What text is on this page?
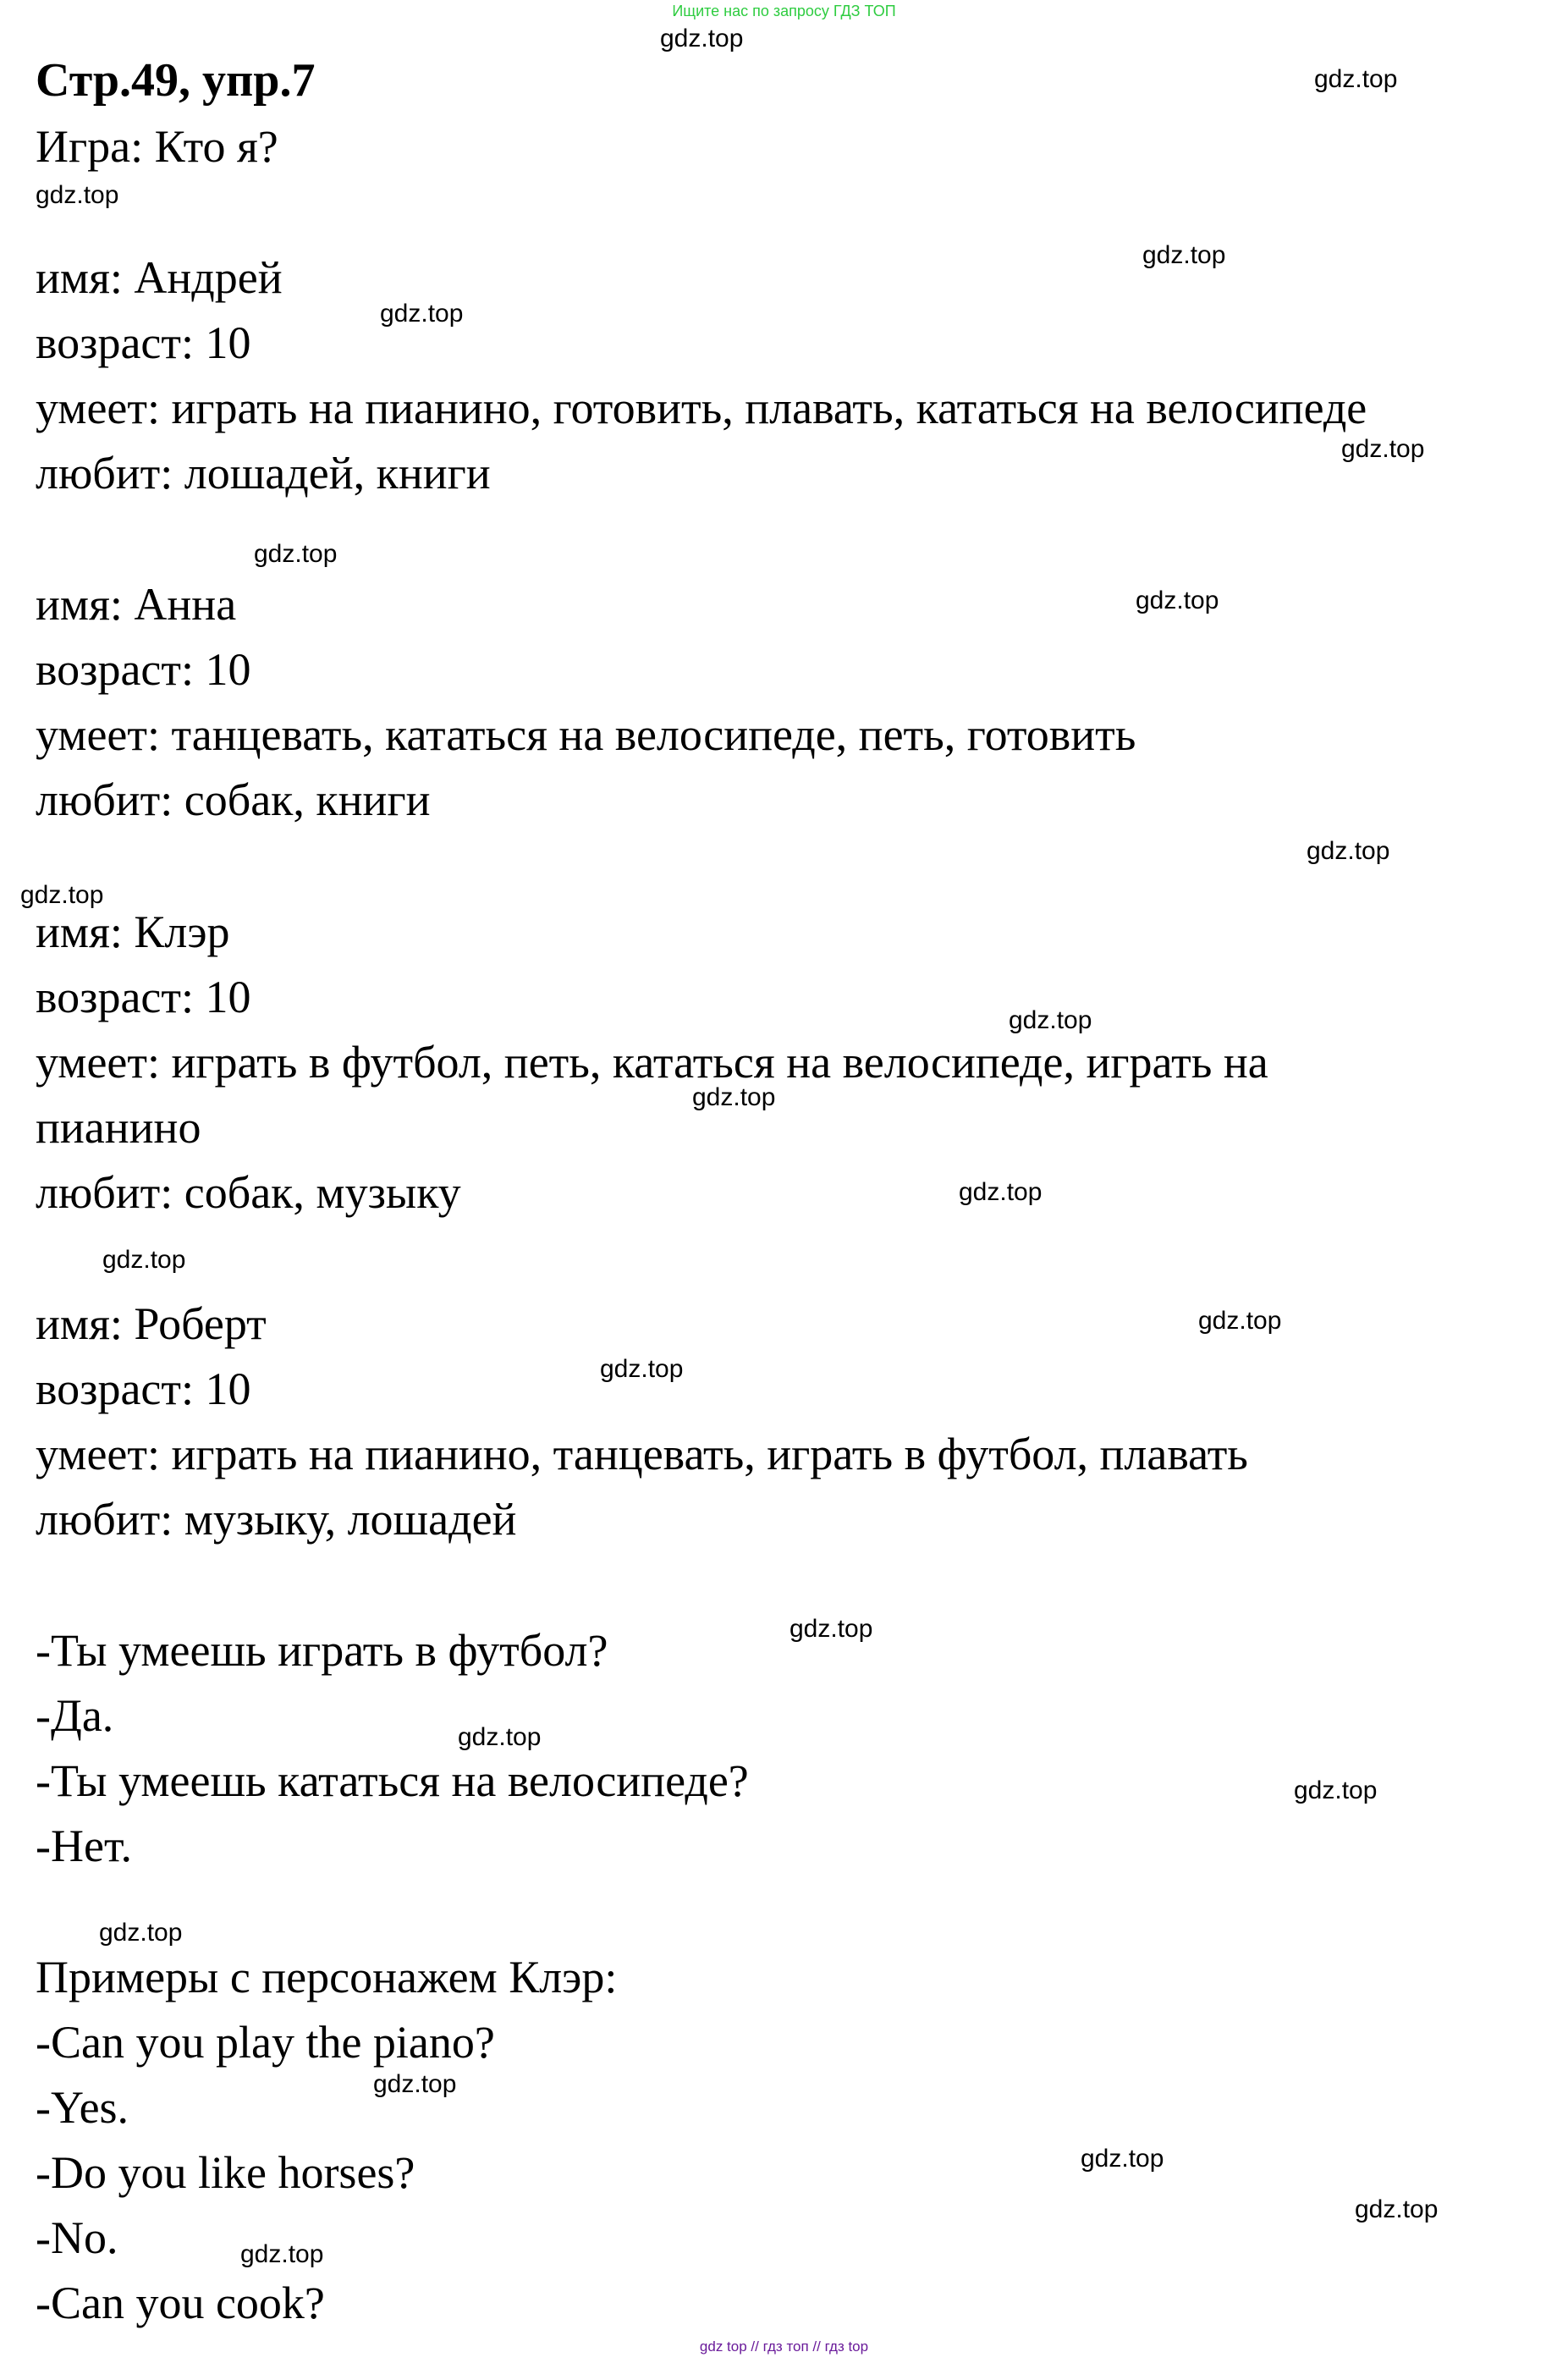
Ищите нас по запросу ГДЗ ТОП
Стр.49, упр.7
Игра: Кто я?
имя: Андрей
возраст: 10
умеет: играть на пианино, готовить, плавать, кататься на велосипеде
любит: лошадей, книги
имя: Анна
возраст: 10
умеет: танцевать, кататься на велосипеде, петь, готовить
любит: собак, книги
имя: Клэр
возраст: 10
умеет: играть в футбол, петь, кататься на велосипеде, играть на
пианино
любит: собак, музыку
имя: Роберт
возраст: 10
умеет: играть на пианино, танцевать, играть в футбол, плавать
любит: музыку, лошадей
-Ты умеешь играть в футбол?
-Да.
-Ты умеешь кататься на велосипеде?
-Нет.
Примеры с персонажем Клэр:
-Can you play the piano?
-Yes.
-Do you like horses?
-No.
-Can you cook?
gdz.top
gdz.top
gdz.top
gdz.top
gdz.top
gdz.top
gdz.top
gdz.top
gdz.top
gdz.top
gdz.top
gdz.top
gdz.top
gdz.top
gdz.top
gdz.top
gdz.top
gdz.top
gdz.top
gdz.top
gdz.top
gdz.top
gdz.top
gdz.top
gdz top // гдз топ // гдз top
